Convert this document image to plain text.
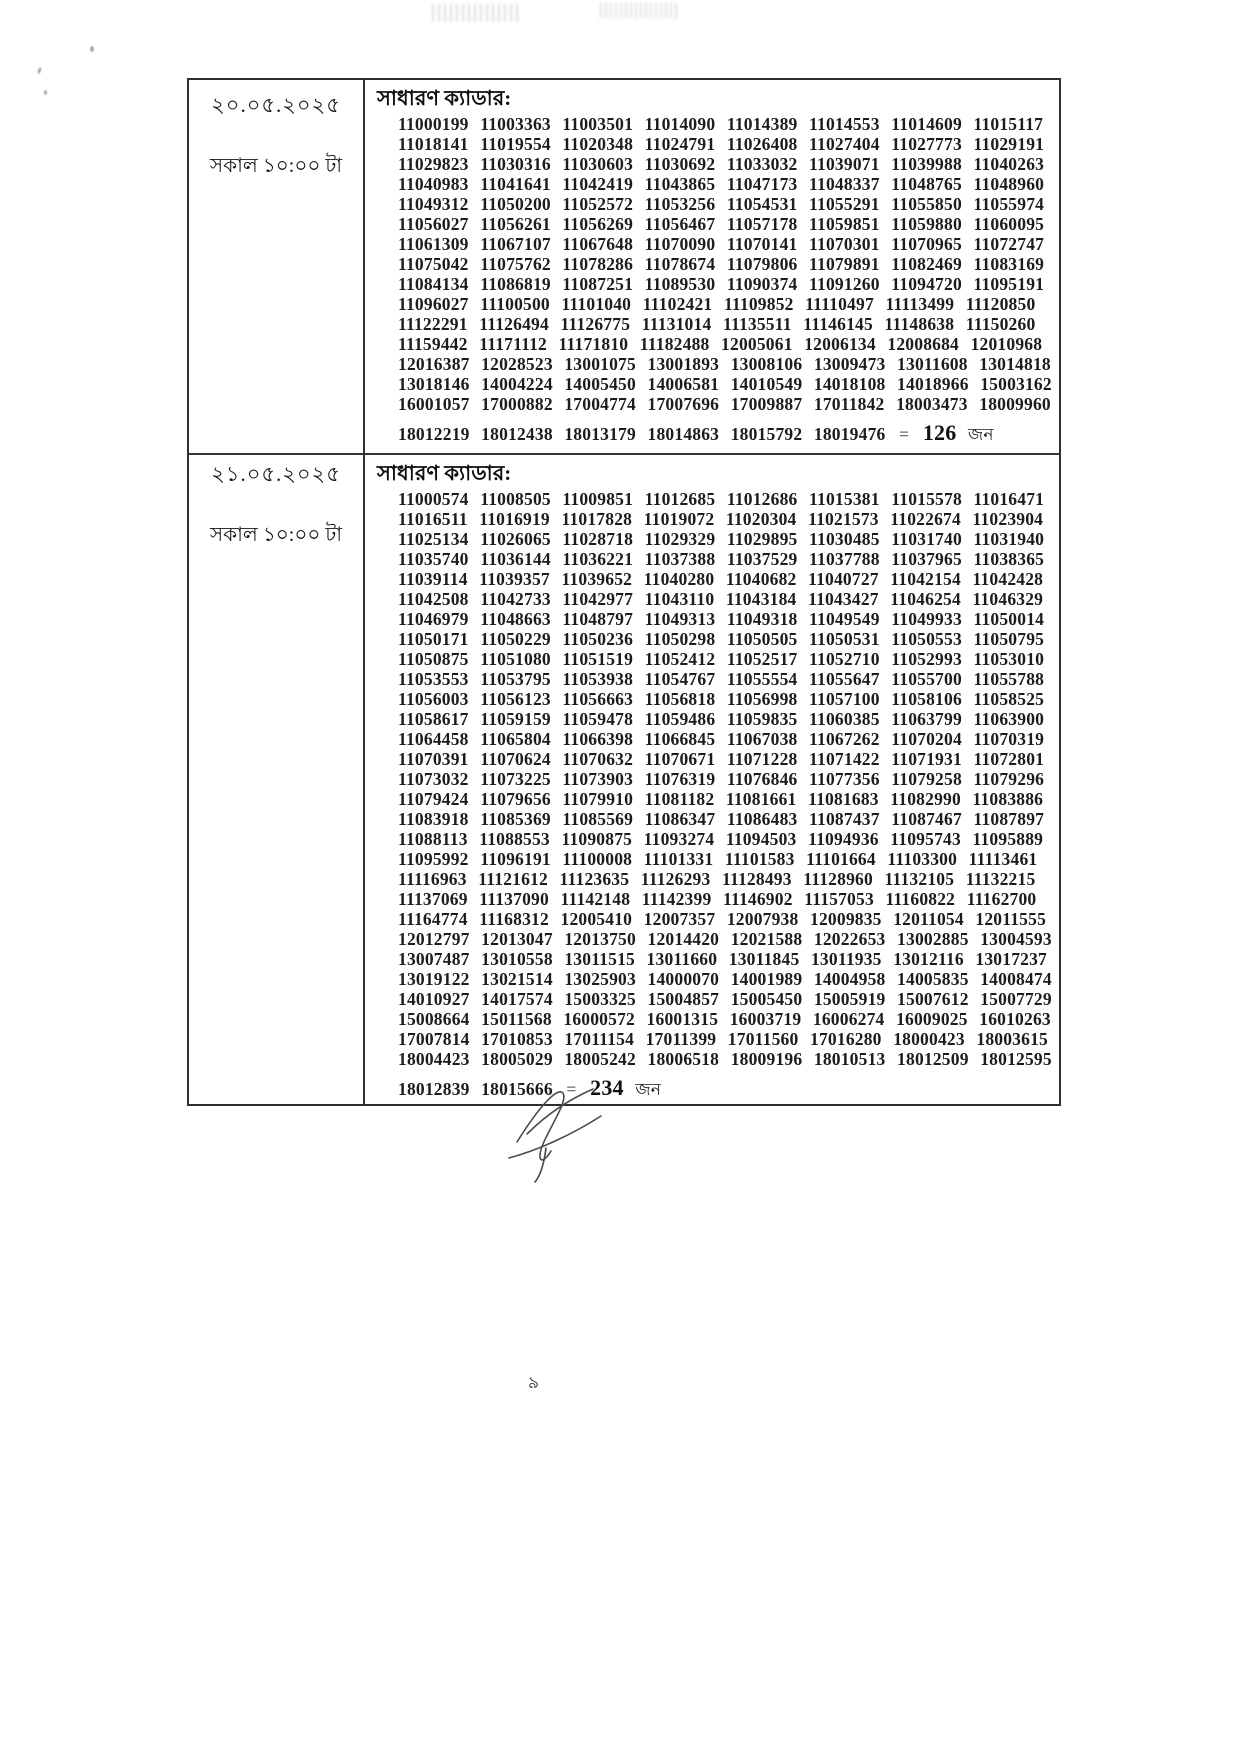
২০.০৫.২০২৫
সকাল ১০:০০ টা
সাধারণ ক্যাডার:
11000199 11003363 11003501 11014090 11014389 11014553 11014609 11015117
11018141 11019554 11020348 11024791 11026408 11027404 11027773 11029191
11029823 11030316 11030603 11030692 11033032 11039071 11039988 11040263
11040983 11041641 11042419 11043865 11047173 11048337 11048765 11048960
11049312 11050200 11052572 11053256 11054531 11055291 11055850 11055974
11056027 11056261 11056269 11056467 11057178 11059851 11059880 11060095
11061309 11067107 11067648 11070090 11070141 11070301 11070965 11072747
11075042 11075762 11078286 11078674 11079806 11079891 11082469 11083169
11084134 11086819 11087251 11089530 11090374 11091260 11094720 11095191
11096027 11100500 11101040 11102421 11109852 11110497 11113499 11120850
11122291 11126494 11126775 11131014 11135511 11146145 11148638 11150260
11159442 11171112 11171810 11182488 12005061 12006134 12008684 12010968
12016387 12028523 13001075 13001893 13008106 13009473 13011608 13014818
13018146 14004224 14005450 14006581 14010549 14018108 14018966 15003162
16001057 17000882 17004774 17007696 17009887 17011842 18003473 18009960
18012219 18012438 18013179 18014863 18015792 18019476 = 126 জন
২১.০৫.২০২৫
সকাল ১০:০০ টা
সাধারণ ক্যাডার:
11000574 11008505 11009851 11012685 11012686 11015381 11015578 11016471
11016511 11016919 11017828 11019072 11020304 11021573 11022674 11023904
11025134 11026065 11028718 11029329 11029895 11030485 11031740 11031940
11035740 11036144 11036221 11037388 11037529 11037788 11037965 11038365
11039114 11039357 11039652 11040280 11040682 11040727 11042154 11042428
11042508 11042733 11042977 11043110 11043184 11043427 11046254 11046329
11046979 11048663 11048797 11049313 11049318 11049549 11049933 11050014
11050171 11050229 11050236 11050298 11050505 11050531 11050553 11050795
11050875 11051080 11051519 11052412 11052517 11052710 11052993 11053010
11053553 11053795 11053938 11054767 11055554 11055647 11055700 11055788
11056003 11056123 11056663 11056818 11056998 11057100 11058106 11058525
11058617 11059159 11059478 11059486 11059835 11060385 11063799 11063900
11064458 11065804 11066398 11066845 11067038 11067262 11070204 11070319
11070391 11070624 11070632 11070671 11071228 11071422 11071931 11072801
11073032 11073225 11073903 11076319 11076846 11077356 11079258 11079296
11079424 11079656 11079910 11081182 11081661 11081683 11082990 11083886
11083918 11085369 11085569 11086347 11086483 11087437 11087467 11087897
11088113 11088553 11090875 11093274 11094503 11094936 11095743 11095889
11095992 11096191 11100008 11101331 11101583 11101664 11103300 11113461
11116963 11121612 11123635 11126293 11128493 11128960 11132105 11132215
11137069 11137090 11142148 11142399 11146902 11157053 11160822 11162700
11164774 11168312 12005410 12007357 12007938 12009835 12011054 12011555
12012797 12013047 12013750 12014420 12021588 12022653 13002885 13004593
13007487 13010558 13011515 13011660 13011845 13011935 13012116 13017237
13019122 13021514 13025903 14000070 14001989 14004958 14005835 14008474
14010927 14017574 15003325 15004857 15005450 15005919 15007612 15007729
15008664 15011568 16000572 16001315 16003719 16006274 16009025 16010263
17007814 17010853 17011154 17011399 17011560 17016280 18000423 18003615
18004423 18005029 18005242 18006518 18009196 18010513 18012509 18012595
18012839 18015666 = 234 জন
৯
